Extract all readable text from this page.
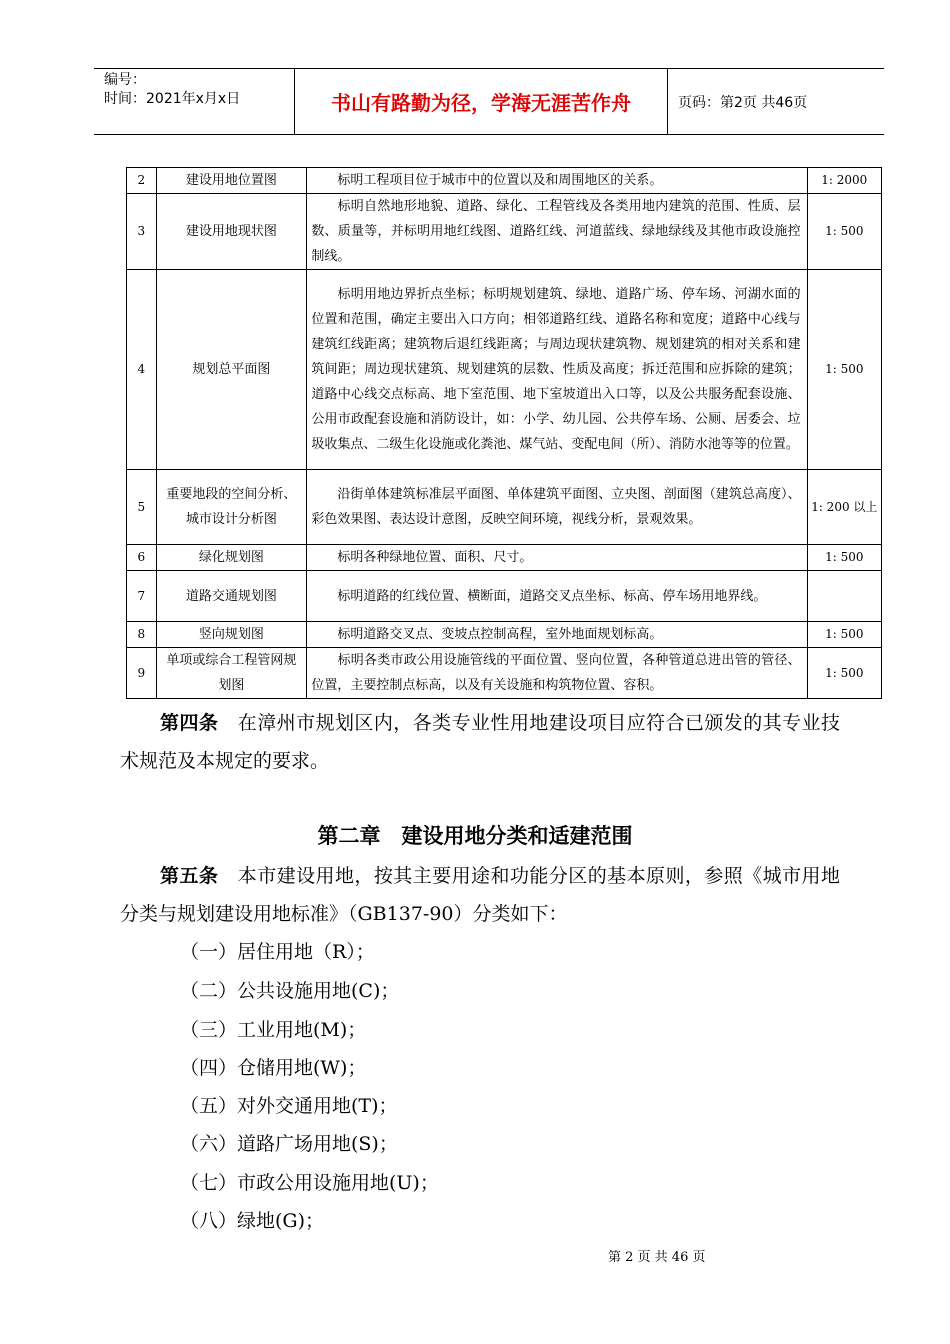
编号：
时间：2021年x月x日	书山有路勤为径，学海无涯苦作舟	页码：第2页 共46页
2	建设用地位置图	标明工程项目位于城市中的位置以及和周围地区的关系。	1: 2000
3	建设用地现状图	标明自然地形地貌、道路、绿化、工程管线及各类用地内建筑的范围、性质、层数、质量等，并标明用地红线图、道路红线、河道蓝线、绿地绿线及其他市政设施控制线。	1: 500
4	规划总平面图	标明用地边界折点坐标；标明规划建筑、绿地、道路广场、停车场、河湖水面的位置和范围，确定主要出入口方向；相邻道路红线、道路名称和宽度；道路中心线与建筑红线距离；建筑物后退红线距离；与周边现状建筑物、规划建筑的相对关系和建筑间距；周边现状建筑、规划建筑的层数、性质及高度；拆迁范围和应拆除的建筑；道路中心线交点标高、地下室范围、地下室坡道出入口等，以及公共服务配套设施、公用市政配套设施和消防设计，如：小学、幼儿园、公共停车场、公厕、居委会、垃圾收集点、二级生化设施或化粪池、煤气站、变配电间（所）、消防水池等等的位置。	1: 500
5	重要地段的空间分析、城市设计分析图	沿街单体建筑标准层平面图、单体建筑平面图、立央图、剖面图（建筑总高度）、彩色效果图、表达设计意图，反映空间环境，视线分析，景观效果。	1: 200 以上
6	绿化规划图	标明各种绿地位置、面积、尺寸。	1: 500
7	道路交通规划图	标明道路的红线位置、横断面，道路交叉点坐标、标高、停车场用地界线。	
8	竖向规划图	标明道路交叉点、变坡点控制高程，室外地面规划标高。	1: 500
9	单项或综合工程管网规划图	标明各类市政公用设施管线的平面位置、竖向位置，各种管道总进出管的管径、位置，主要控制点标高，以及有关设施和构筑物位置、容积。	1: 500
第四条　 在漳州市规划区内，各类专业性用地建设项目应符合已颁发的其专业技术规范及本规定的要求。
第二章　建设用地分类和适建范围
第五条　 本市建设用地，按其主要用途和功能分区的基本原则，参照《城市用地分类与规划建设用地标准》（GB137-90）分类如下：
（一）居住用地（R）；
（二）公共设施用地(C)；
（三）工业用地(M)；
（四）仓储用地(W)；
（五）对外交通用地(T)；
（六）道路广场用地(S)；
（七）市政公用设施用地(U)；
（八）绿地(G)；
第 2 页 共 46 页
